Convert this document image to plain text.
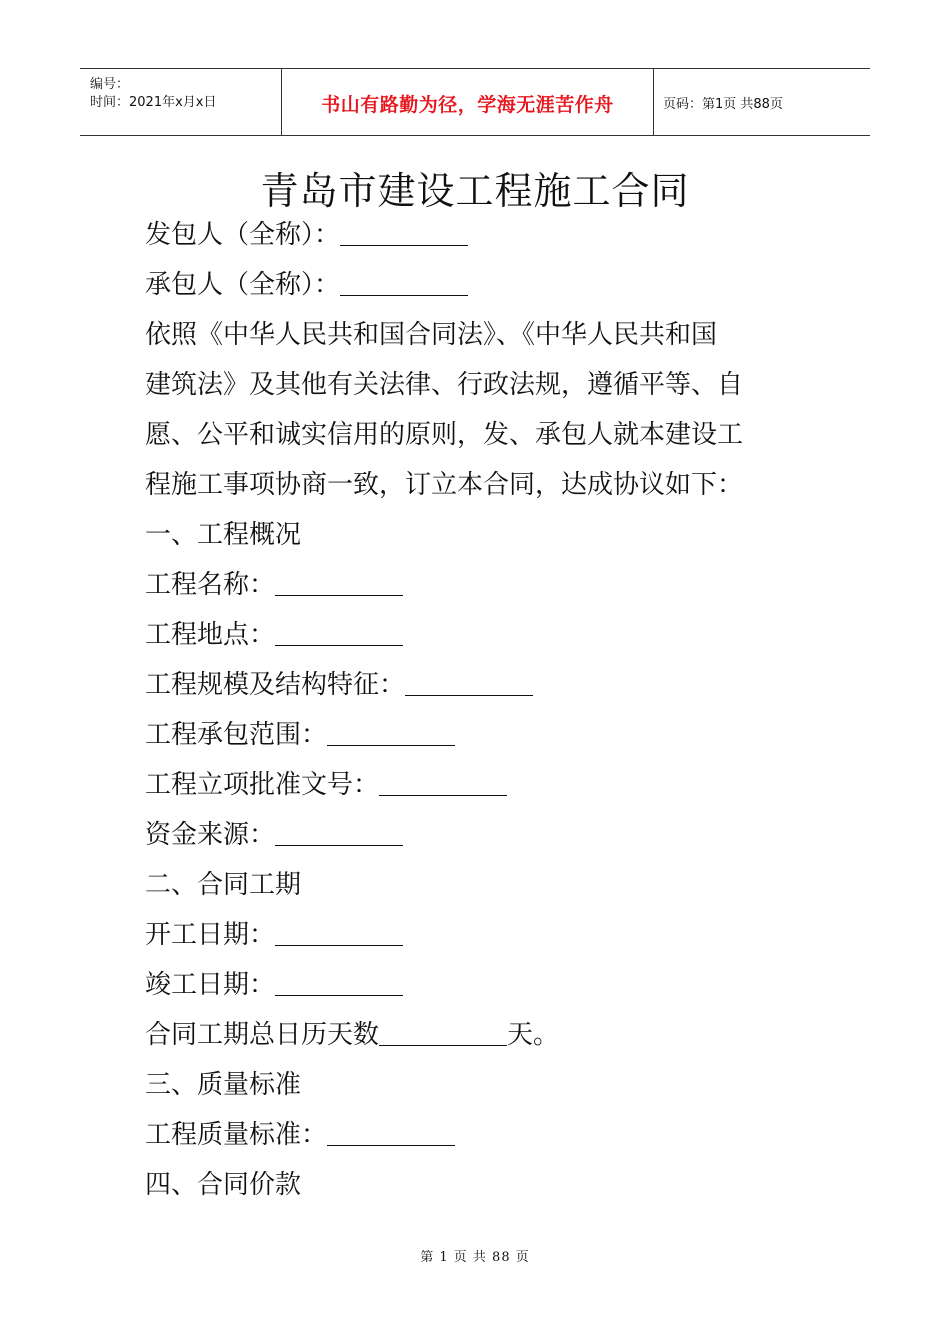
编号：
时间：2021年x月x日	书山有路勤为径，学海无涯苦作舟	页码：第1页 共88页
青岛市建设工程施工合同
发包人（全称）：
承包人（全称）：
依照《中华人民共和国合同法》、《中华人民共和国
建筑法》及其他有关法律、行政法规，遵循平等、自
愿、公平和诚实信用的原则，发、承包人就本建设工
程施工事项协商一致，订立本合同，达成协议如下：
一、工程概况
工程名称：
工程地点：
工程规模及结构特征：
工程承包范围：
工程立项批准文号：
资金来源：
二、合同工期
开工日期：
竣工日期：
合同工期总日历天数	天。
三、质量标准
工程质量标准：
四、合同价款
第 1 页 共 88 页
